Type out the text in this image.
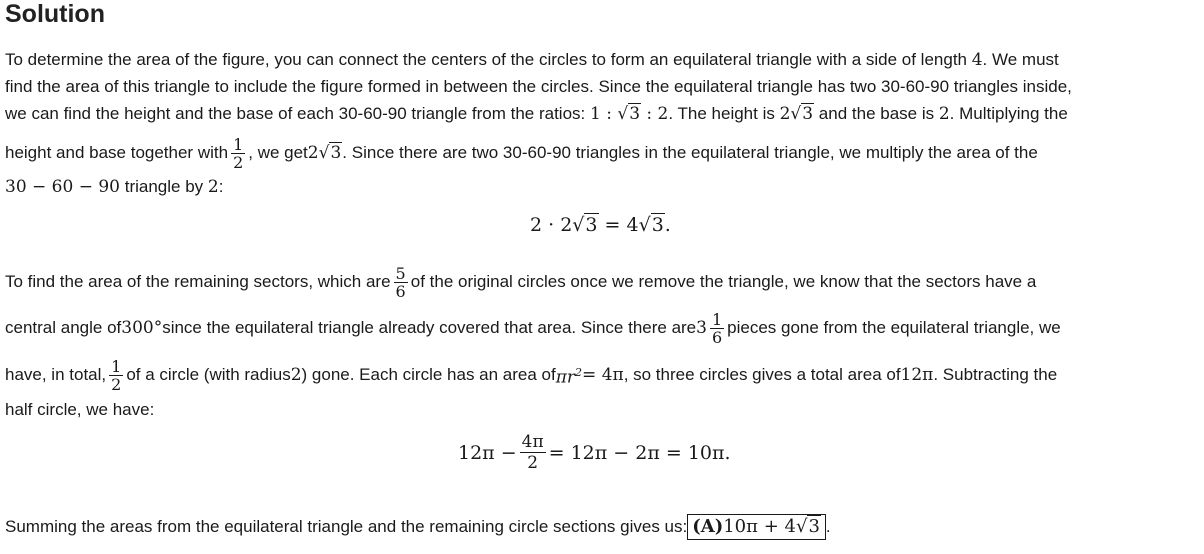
Solution
To determine the area of the figure, you can connect the centers of the circles to form an equilateral triangle with a side of length 4. We must
find the area of this triangle to include the figure formed in between the circles. Since the equilateral triangle has two 30-60-90 triangles inside,
we can find the height and the base of each 30-60-90 triangle from the ratios: 1 : √3 : 2. The height is 2√3 and the base is 2. Multiplying the
height and base together with $\frac{1}{2}$ , we get 2√3 . Since there are two 30-60-90 triangles in the equilateral triangle, we multiply the area of the
30 − 60 − 90 triangle by 2:
2 · 2√3 = 4√3.
To find the area of the remaining sectors, which are $\frac{5}{6}$ of the original circles once we remove the triangle, we know that the sectors have a
central angle of 300° since the equilateral triangle already covered that area. Since there are $3 \frac{1}{6}$ pieces gone from the equilateral triangle, we
have, in total, $\frac{1}{2}$ of a circle (with radius 2 ) gone. Each circle has an area of $\pi r^2 = 4\pi$ , so three circles gives a total area of 12π . Subtracting the
half circle, we have:
$12\pi - \frac{4\pi}{2} = 12\pi - 2\pi = 10\pi$.
Summing the areas from the equilateral triangle and the remaining circle sections gives us: (A)10π + 4√3 .
